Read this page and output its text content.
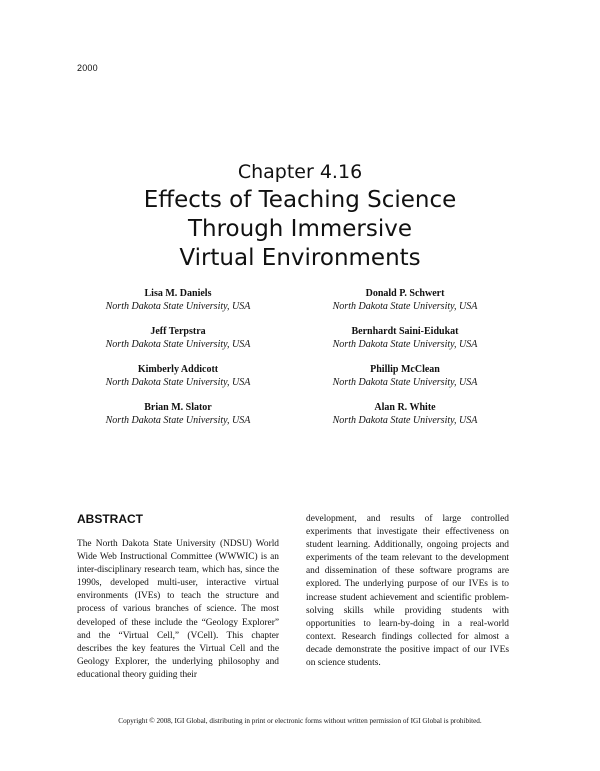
2000
Chapter 4.16
Effects of Teaching Science
Through Immersive
Virtual Environments
Lisa M. Daniels
North Dakota State University, USA
Donald P. Schwert
North Dakota State University, USA
Jeff Terpstra
North Dakota State University, USA
Bernhardt Saini-Eidukat
North Dakota State University, USA
Kimberly Addicott
North Dakota State University, USA
Phillip McClean
North Dakota State University, USA
Brian M. Slator
North Dakota State University, USA
Alan R. White
North Dakota State University, USA
ABSTRACT
The North Dakota State University (NDSU) World Wide Web Instructional Committee (WWWIC) is an inter-disciplinary research team, which has, since the 1990s, developed multi-user, interactive virtual environments (IVEs) to teach the structure and process of various branches of science. The most developed of these include the “Geology Explorer” and the “Virtual Cell,” (VCell). This chapter describes the key features the Virtual Cell and the Geology Explorer, the underlying philosophy and educational theory guiding their
development, and results of large controlled experiments that investigate their effectiveness on student learning. Additionally, ongoing projects and experiments of the team relevant to the development and dissemination of these software programs are explored. The underlying purpose of our IVEs is to increase student achievement and scientific problem-solving skills while providing students with opportunities to learn-by-doing in a real-world context. Research findings collected for almost a decade demonstrate the positive impact of our IVEs on science students.
Copyright © 2008, IGI Global, distributing in print or electronic forms without written permission of IGI Global is prohibited.
